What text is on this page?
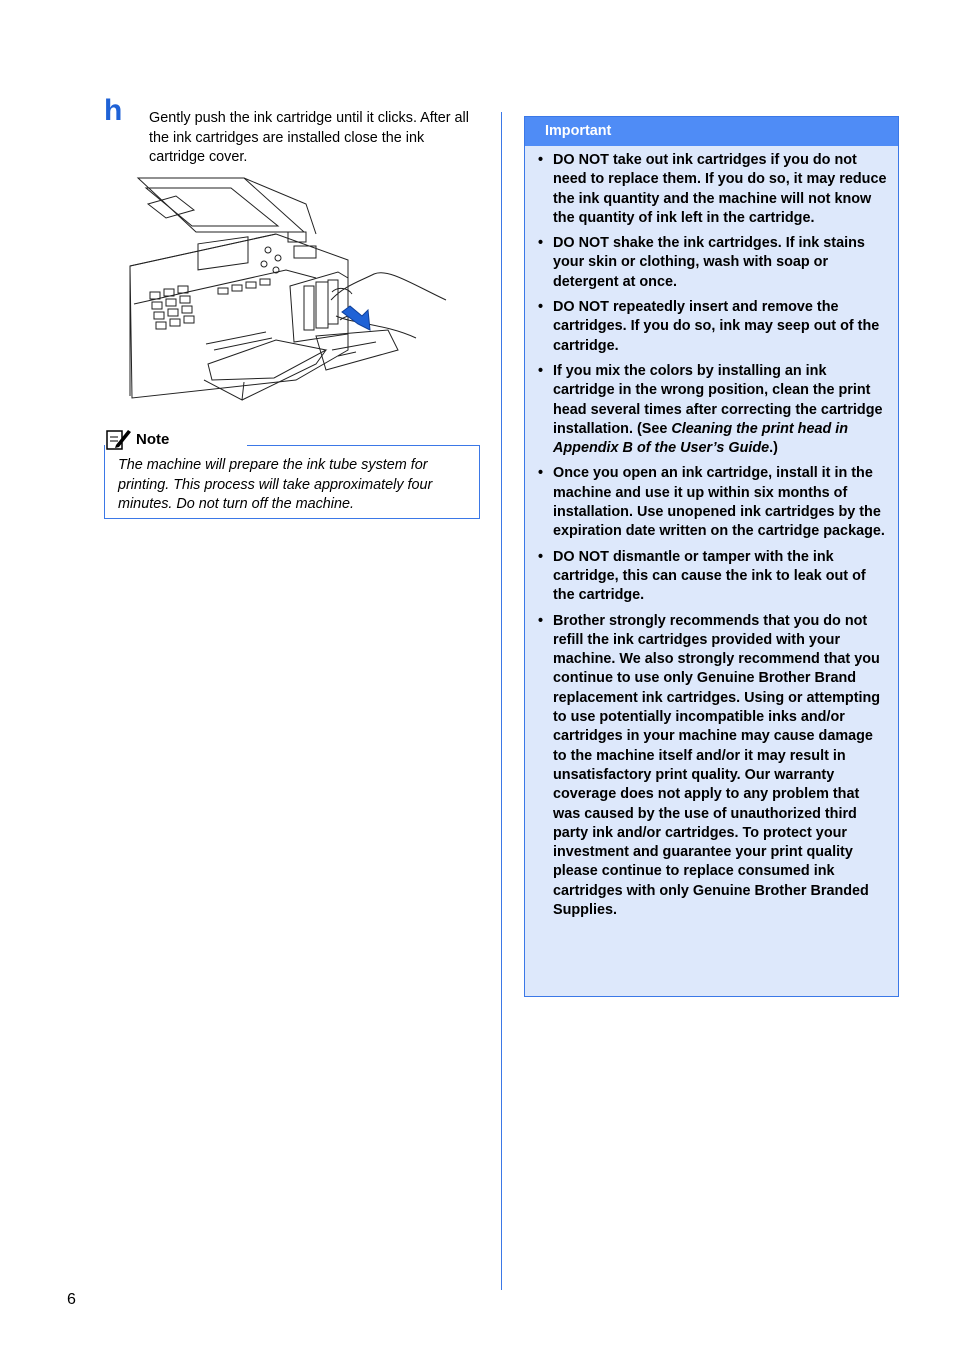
h Gently push the ink cartridge until it clicks. After all the ink cartridges are installed close the ink cartridge cover.
Note
The machine will prepare the ink tube system for printing. This process will take approximately four minutes. Do not turn off the machine.
Important
• DO NOT take out ink cartridges if you do not need to replace them. If you do so, it may reduce the ink quantity and the machine will not know the quantity of ink left in the cartridge.
• DO NOT shake the ink cartridges. If ink stains your skin or clothing, wash with soap or detergent at once.
• DO NOT repeatedly insert and remove the cartridges. If you do so, ink may seep out of the cartridge.
• If you mix the colors by installing an ink cartridge in the wrong position, clean the print head several times after correcting the cartridge installation. (See Cleaning the print head in Appendix B of the User’s Guide.)
• Once you open an ink cartridge, install it in the machine and use it up within six months of installation. Use unopened ink cartridges by the expiration date written on the cartridge package.
• DO NOT dismantle or tamper with the ink cartridge, this can cause the ink to leak out of the cartridge.
• Brother strongly recommends that you do not refill the ink cartridges provided with your machine. We also strongly recommend that you continue to use only Genuine Brother Brand replacement ink cartridges. Using or attempting to use potentially incompatible inks and/or cartridges in your machine may cause damage to the machine itself and/or it may result in unsatisfactory print quality. Our warranty coverage does not apply to any problem that was caused by the use of unauthorized third party ink and/or cartridges. To protect your investment and guarantee your print quality please continue to replace consumed ink cartridges with only Genuine Brother Branded Supplies.
6
